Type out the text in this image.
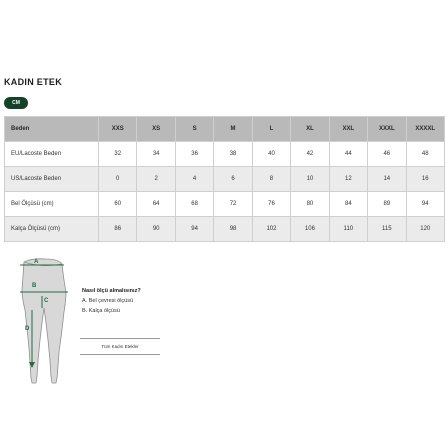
KADIN ETEK
CM
Beden	XXS	XS	S	M	L	XL	XXL	XXXL	XXXXL
EU/Lacoste Beden	32	34	36	38	40	42	44	46	48
US/Lacoste Beden	0	2	4	6	8	10	12	14	16
Bel Ölçüsü (cm)	60	64	68	72	76	80	84	89	94
Kalça Ölçüsü (cm)	86	90	94	98	102	106	110	115	120
A
B
C
D
Nasıl ölçü almalısınız?
A. Bel çevresi ölçüsü
B. Kalça ölçüsü
Tüm Kadın Etekler
